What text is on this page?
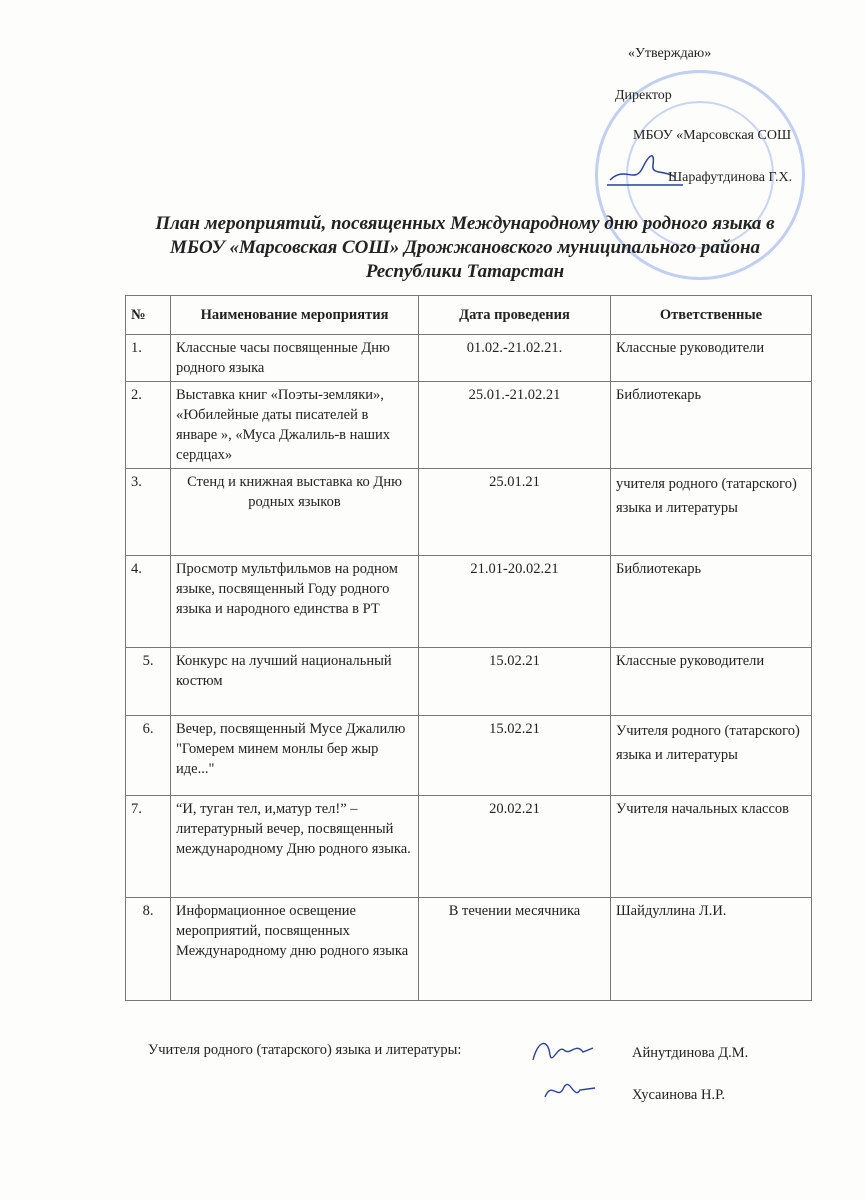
«Утверждаю»
Директор
МБОУ «Марсовская СОШ
Шарафутдинова Г.Х.
План мероприятий, посвященных Международному дню родного языка в
МБОУ «Марсовская СОШ» Дрожжановского муниципального района
Республики Татарстан
№	Наименование мероприятия	Дата проведения	Ответственные
1.	Классные часы посвященные Дню родного языка	01.02.-21.02.21.	Классные руководители
2.	Выставка книг «Поэты-земляки», «Юбилейные даты писателей в январе », «Муса Джалиль-в наших сердцах»	25.01.-21.02.21	Библиотекарь
3.	Стенд и книжная выставка ко Дню родных языков	25.01.21	учителя родного (татарского) языка и литературы
4.	Просмотр мультфильмов на родном языке, посвященный Году родного языка и народного единства в РТ	21.01-20.02.21	Библиотекарь
5.	Конкурс на лучший национальный костюм	15.02.21	Классные руководители
6.	Вечер, посвященный Мусе Джалилю "Гомерем минем монлы бер жыр иде..."	15.02.21	Учителя родного (татарского) языка и литературы
7.	“И, туган тел, и,матур тел!” – литературный вечер, посвященный международному Дню родного языка.	20.02.21	Учителя начальных классов
8.	Информационное освещение мероприятий, посвященных Международному дню родного языка	В течении месячника	Шайдуллина Л.И.
Учителя родного (татарского) языка и литературы:	Айнутдинова Д.М.
Хусаинова Н.Р.
